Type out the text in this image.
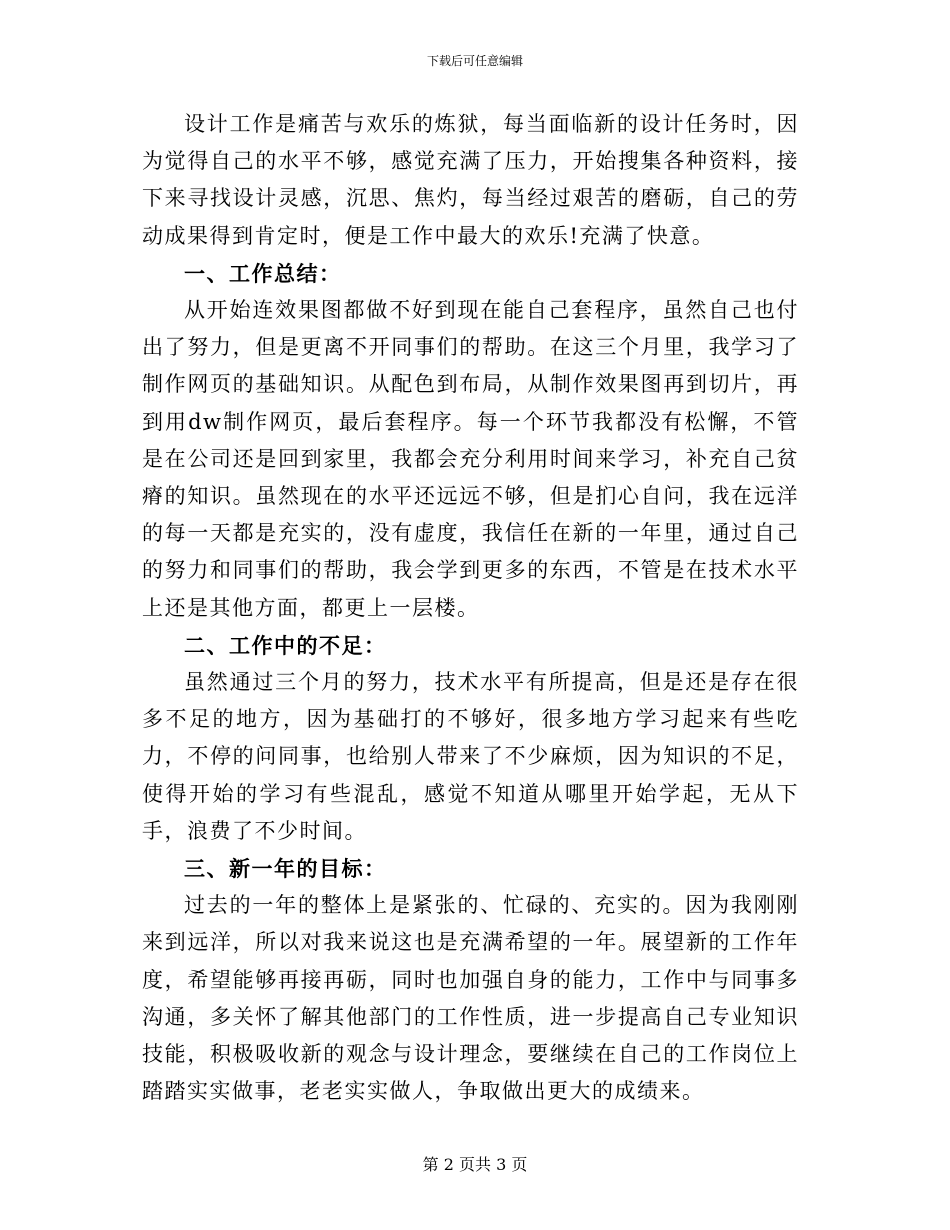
下载后可任意编辑

设计工作是痛苦与欢乐的炼狱，每当面临新的设计任务时，因为觉得自己的水平不够，感觉充满了压力，开始搜集各种资料，接下来寻找设计灵感，沉思、焦灼，每当经过艰苦的磨砺，自己的劳动成果得到肯定时，便是工作中最大的欢乐!充满了快意。

一、工作总结：

从开始连效果图都做不好到现在能自己套程序，虽然自己也付出了努力，但是更离不开同事们的帮助。在这三个月里，我学习了制作网页的基础知识。从配色到布局，从制作效果图再到切片，再到用dw制作网页，最后套程序。每一个环节我都没有松懈，不管是在公司还是回到家里，我都会充分利用时间来学习，补充自己贫瘠的知识。虽然现在的水平还远远不够，但是扪心自问，我在远洋的每一天都是充实的，没有虚度，我信任在新的一年里，通过自己的努力和同事们的帮助，我会学到更多的东西，不管是在技术水平上还是其他方面，都更上一层楼。

二、工作中的不足：

虽然通过三个月的努力，技术水平有所提高，但是还是存在很多不足的地方，因为基础打的不够好，很多地方学习起来有些吃力，不停的问同事，也给别人带来了不少麻烦，因为知识的不足，使得开始的学习有些混乱，感觉不知道从哪里开始学起，无从下手，浪费了不少时间。

三、新一年的目标：

过去的一年的整体上是紧张的、忙碌的、充实的。因为我刚刚来到远洋，所以对我来说这也是充满希望的一年。展望新的工作年度，希望能够再接再砺，同时也加强自身的能力，工作中与同事多沟通，多关怀了解其他部门的工作性质，进一步提高自己专业知识技能，积极吸收新的观念与设计理念，要继续在自己的工作岗位上踏踏实实做事，老老实实做人，争取做出更大的成绩来。

第 2 页共 3 页
